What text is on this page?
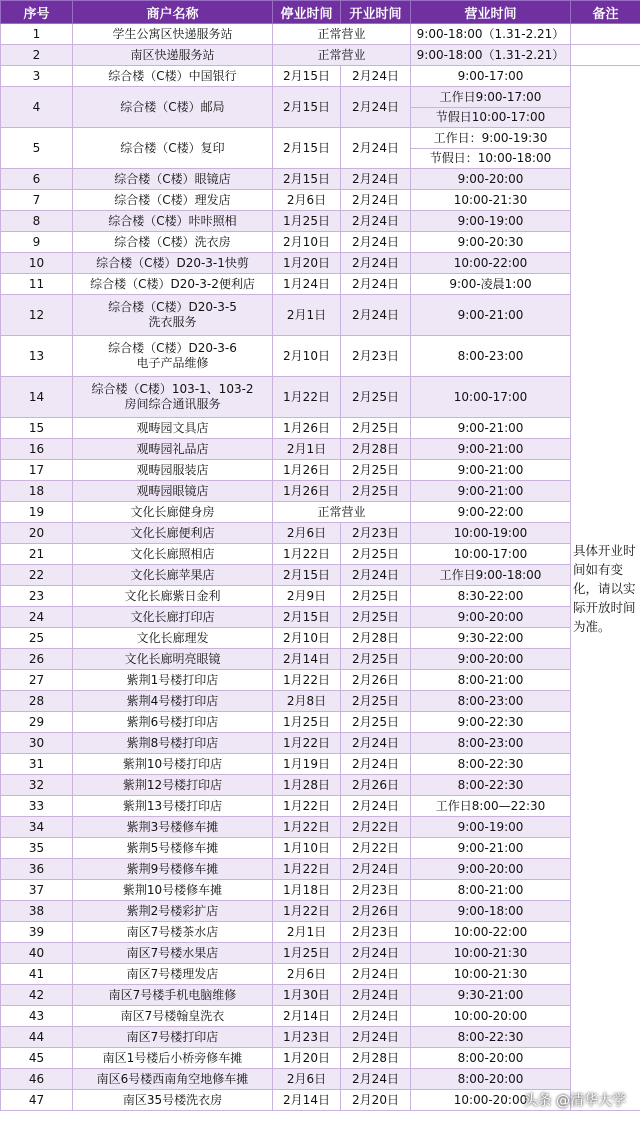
序号	商户名称	停业时间	开业时间	营业时间	备注
1	学生公寓区快递服务站	正常营业		9:00-18:00（1.31-2.21）	
2	南区快递服务站	正常营业		9:00-18:00（1.31-2.21）	
3	综合楼（C楼）中国银行	2月15日	2月24日	9:00-17:00	具体开业时间如有变化，请以实际开放时间为准。
4	综合楼（C楼）邮局	2月15日	2月24日	工作日9:00-17:00
节假日10:00-17:00	

5	综合楼（C楼）复印	2月15日	2月24日	工作日：9:00-19:30
节假日：10:00-18:00	

6	综合楼（C楼）眼镜店	2月15日	2月24日	9:00-20:00	
7	综合楼（C楼）理发店	2月6日	2月24日	10:00-21:30	
8	综合楼（C楼）咔咔照相	1月25日	2月24日	9:00-19:00	
9	综合楼（C楼）洗衣房	2月10日	2月24日	9:00-20:30	
10	综合楼（C楼）D20-3-1快剪	1月20日	2月24日	10:00-22:00	
11	综合楼（C楼）D20-3-2便利店	1月24日	2月24日	9:00-凌晨1:00	
12	综合楼（C楼）D20-3-5
洗衣服务	2月1日	2月24日	9:00-21:00	
13	综合楼（C楼）D20-3-6
电子产品维修	2月10日	2月23日	8:00-23:00	
14	综合楼（C楼）103-1、103-2
房间综合通讯服务	1月22日	2月25日	10:00-17:00	
15	观畴园文具店	1月26日	2月25日	9:00-21:00	
16	观畴园礼品店	2月1日	2月28日	9:00-21:00	
17	观畴园服装店	1月26日	2月25日	9:00-21:00	
18	观畴园眼镜店	1月26日	2月25日	9:00-21:00	
19	文化长廊健身房	正常营业		9:00-22:00	
20	文化长廊便利店	2月6日	2月23日	10:00-19:00	
21	文化长廊照相店	1月22日	2月25日	10:00-17:00	
22	文化长廊苹果店	2月15日	2月24日	工作日9:00-18:00	
23	文化长廊紫日金利	2月9日	2月25日	8:30-22:00	
24	文化长廊打印店	2月15日	2月25日	9:00-20:00	
25	文化长廊理发	2月10日	2月28日	9:30-22:00	
26	文化长廊明亮眼镜	2月14日	2月25日	9:00-20:00	
27	紫荆1号楼打印店	1月22日	2月26日	8:00-21:00	
28	紫荆4号楼打印店	2月8日	2月25日	8:00-23:00	
29	紫荆6号楼打印店	1月25日	2月25日	9:00-22:30	
30	紫荆8号楼打印店	1月22日	2月24日	8:00-23:00	
31	紫荆10号楼打印店	1月19日	2月24日	8:00-22:30	
32	紫荆12号楼打印店	1月28日	2月26日	8:00-22:30	
33	紫荆13号楼打印店	1月22日	2月24日	工作日8:00—22:30	
34	紫荆3号楼修车摊	1月22日	2月22日	9:00-19:00	
35	紫荆5号楼修车摊	1月10日	2月22日	9:00-21:00	
36	紫荆9号楼修车摊	1月22日	2月24日	9:00-20:00	
37	紫荆10号楼修车摊	1月18日	2月23日	8:00-21:00	
38	紫荆2号楼彩扩店	1月22日	2月26日	9:00-18:00	
39	南区7号楼茶水店	2月1日	2月23日	10:00-22:00	
40	南区7号楼水果店	1月25日	2月24日	10:00-21:30	
41	南区7号楼理发店	2月6日	2月24日	10:00-21:30	
42	南区7号楼手机电脑维修	1月30日	2月24日	9:30-21:00	
43	南区7号楼翰皇洗衣	2月14日	2月24日	10:00-20:00	
44	南区7号楼打印店	1月23日	2月24日	8:00-22:30	
45	南区1号楼后小桥旁修车摊	1月20日	2月28日	8:00-20:00	
46	南区6号楼西南角空地修车摊	2月6日	2月24日	8:00-20:00	
47	南区35号楼洗衣房	2月14日	2月20日	10:00-20:00	
头条 @清华大学
